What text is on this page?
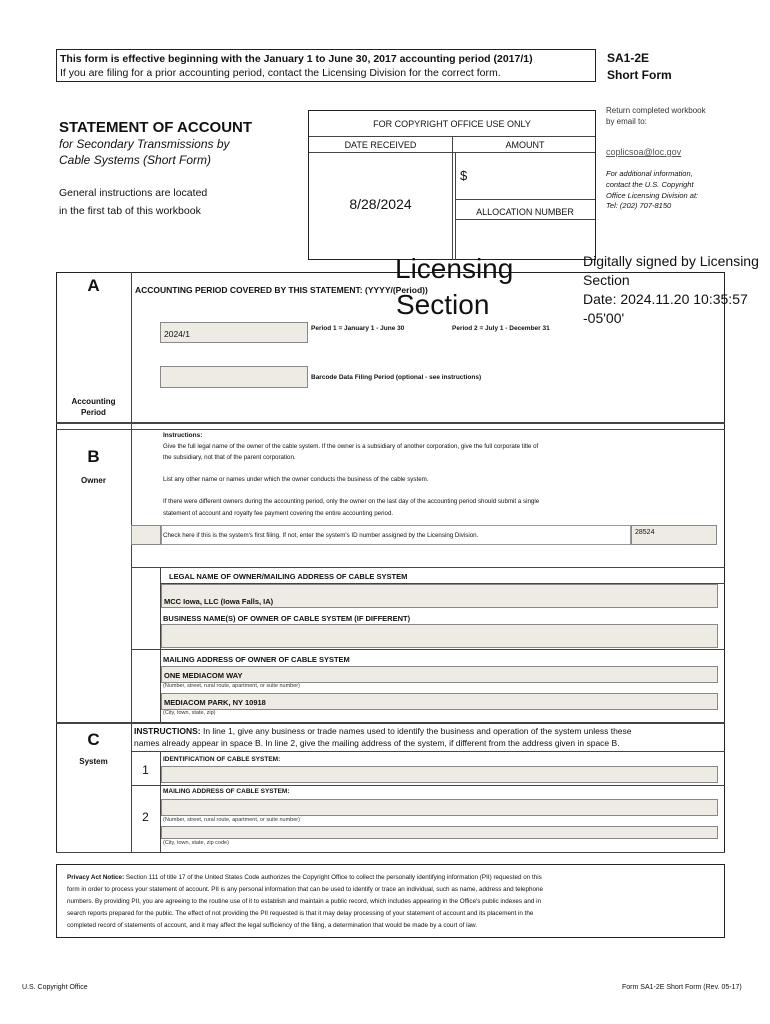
This form is effective beginning with the January 1 to June 30, 2017 accounting period (2017/1)
If you are filing for a prior accounting period, contact the Licensing Division for the correct form.
SA1-2E
Short Form
STATEMENT OF ACCOUNT
for Secondary Transmissions by
Cable Systems (Short Form)
General instructions are located
in the first tab of this workbook
FOR COPYRIGHT OFFICE USE ONLY
DATE RECEIVED	AMOUNT
8/28/2024
$
ALLOCATION NUMBER
Return completed workbook
by email to:
coplicsoa@loc.gov
For additional information,
contact the U.S. Copyright
Office Licensing Division at:
Tel: (202) 707-8150
A
Accounting
Period
ACCOUNTING PERIOD COVERED BY THIS STATEMENT: (YYYY/(Period))
2024/1
Period 1 = January 1 - June 30	Period 2 = July 1 - December 31
Barcode Data Filing Period (optional - see instructions)
Licensing
Section
Digitally signed by Licensing
Section
Date: 2024.11.20 10:35:57
-05'00'
B
Owner
Instructions:
Give the full legal name of the owner of the cable system. If the owner is a subsidiary of another corporation, give the full corporate title of
the subsidiary, not that of the parent corporation.
List any other name or names under which the owner conducts the business of the cable system.
If there were different owners during the accounting period, only the owner on the last day of the accounting period should submit a single
statement of account and royalty fee payment covering the entire accounting period.
Check here if this is the system's first filing. If not, enter the system's ID number assigned by the Licensing Division.	28524
LEGAL NAME OF OWNER/MAILING ADDRESS OF CABLE SYSTEM
MCC Iowa, LLC (Iowa Falls, IA)
BUSINESS NAME(S) OF OWNER OF CABLE SYSTEM (IF DIFFERENT)
MAILING ADDRESS OF OWNER OF CABLE SYSTEM
ONE MEDIACOM WAY
(Number, street, rural route, apartment, or suite number)
MEDIACOM PARK, NY 10918
(City, town, state, zip)
C
System
INSTRUCTIONS: In line 1, give any business or trade names used to identify the business and operation of the system unless these
names already appear in space B. In line 2, give the mailing address of the system, if different from the address given in space B.
1
IDENTIFICATION OF CABLE SYSTEM:
MAILING ADDRESS OF CABLE SYSTEM:
2	(Number, street, rural route, apartment, or suite number)
(City, town, state, zip code)
Privacy Act Notice: Section 111 of title 17 of the United States Code authorizes the Copyright Office to collect the personally identifying information (PII) requested on this
form in order to process your statement of account. PII is any personal information that can be used to identify or trace an individual, such as name, address and telephone
numbers. By providing PII, you are agreeing to the routine use of it to establish and maintain a public record, which includes appearing in the Office's public indexes and in
search reports prepared for the public. The effect of not providing the PII requested is that it may delay processing of your statement of account and its placement in the
completed record of statements of account, and it may affect the legal sufficiency of the filing, a determination that would be made by a court of law.
U.S. Copyright Office	Form SA1-2E Short Form (Rev. 05-17)
